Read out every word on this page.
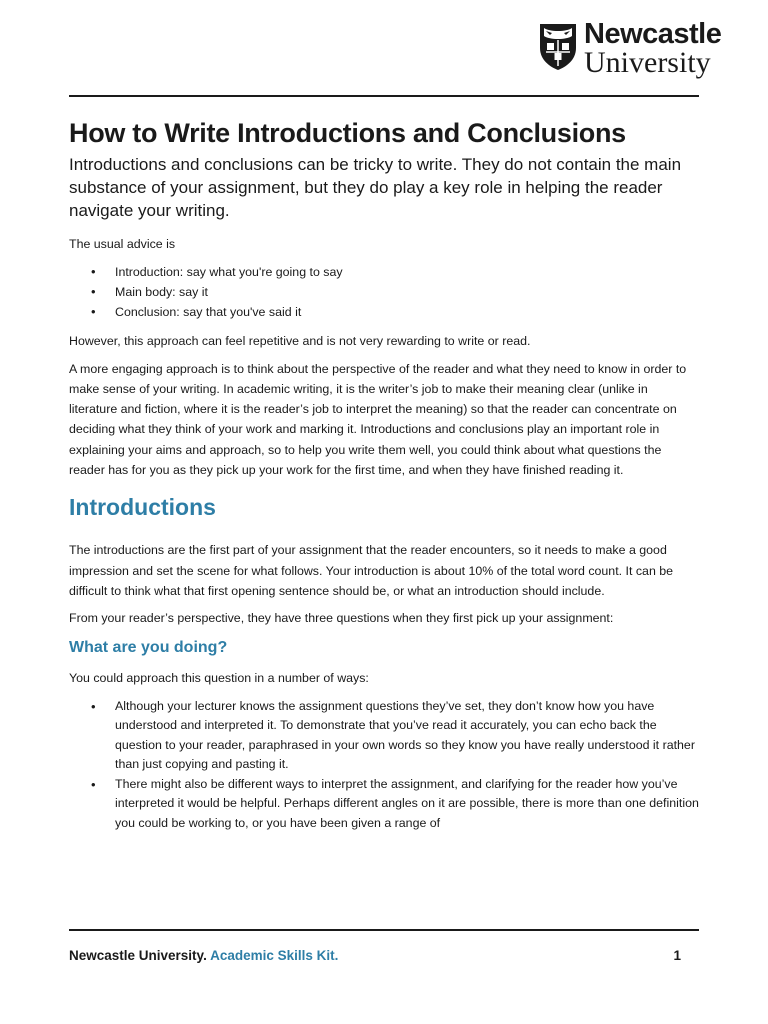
Newcastle
University
How to Write Introductions and Conclusions

Introductions and conclusions can be tricky to write. They do not contain the main substance of your assignment, but they do play a key role in helping the reader navigate your writing.

The usual advice is

• Introduction: say what you're going to say
• Main body: say it
• Conclusion: say that you've said it

However, this approach can feel repetitive and is not very rewarding to write or read.

A more engaging approach is to think about the perspective of the reader and what they need to know in order to make sense of your writing. In academic writing, it is the writer’s job to make their meaning clear (unlike in literature and fiction, where it is the reader’s job to interpret the meaning) so that the reader can concentrate on deciding what they think of your work and marking it. Introductions and conclusions play an important role in explaining your aims and approach, so to help you write them well, you could think about what questions the reader has for you as they pick up your work for the first time, and when they have finished reading it.

Introductions

The introductions are the first part of your assignment that the reader encounters, so it needs to make a good impression and set the scene for what follows. Your introduction is about 10% of the total word count. It can be difficult to think what that first opening sentence should be, or what an introduction should include.

From your reader’s perspective, they have three questions when they first pick up your assignment:

What are you doing?

You could approach this question in a number of ways:

• Although your lecturer knows the assignment questions they’ve set, they don’t know how you have understood and interpreted it. To demonstrate that you’ve read it accurately, you can echo back the question to your reader, paraphrased in your own words so they know you have really understood it rather than just copying and pasting it.
• There might also be different ways to interpret the assignment, and clarifying for the reader how you’ve interpreted it would be helpful. Perhaps different angles on it are possible, there is more than one definition you could be working to, or you have been given a range of
Newcastle University. Academic Skills Kit.	1
